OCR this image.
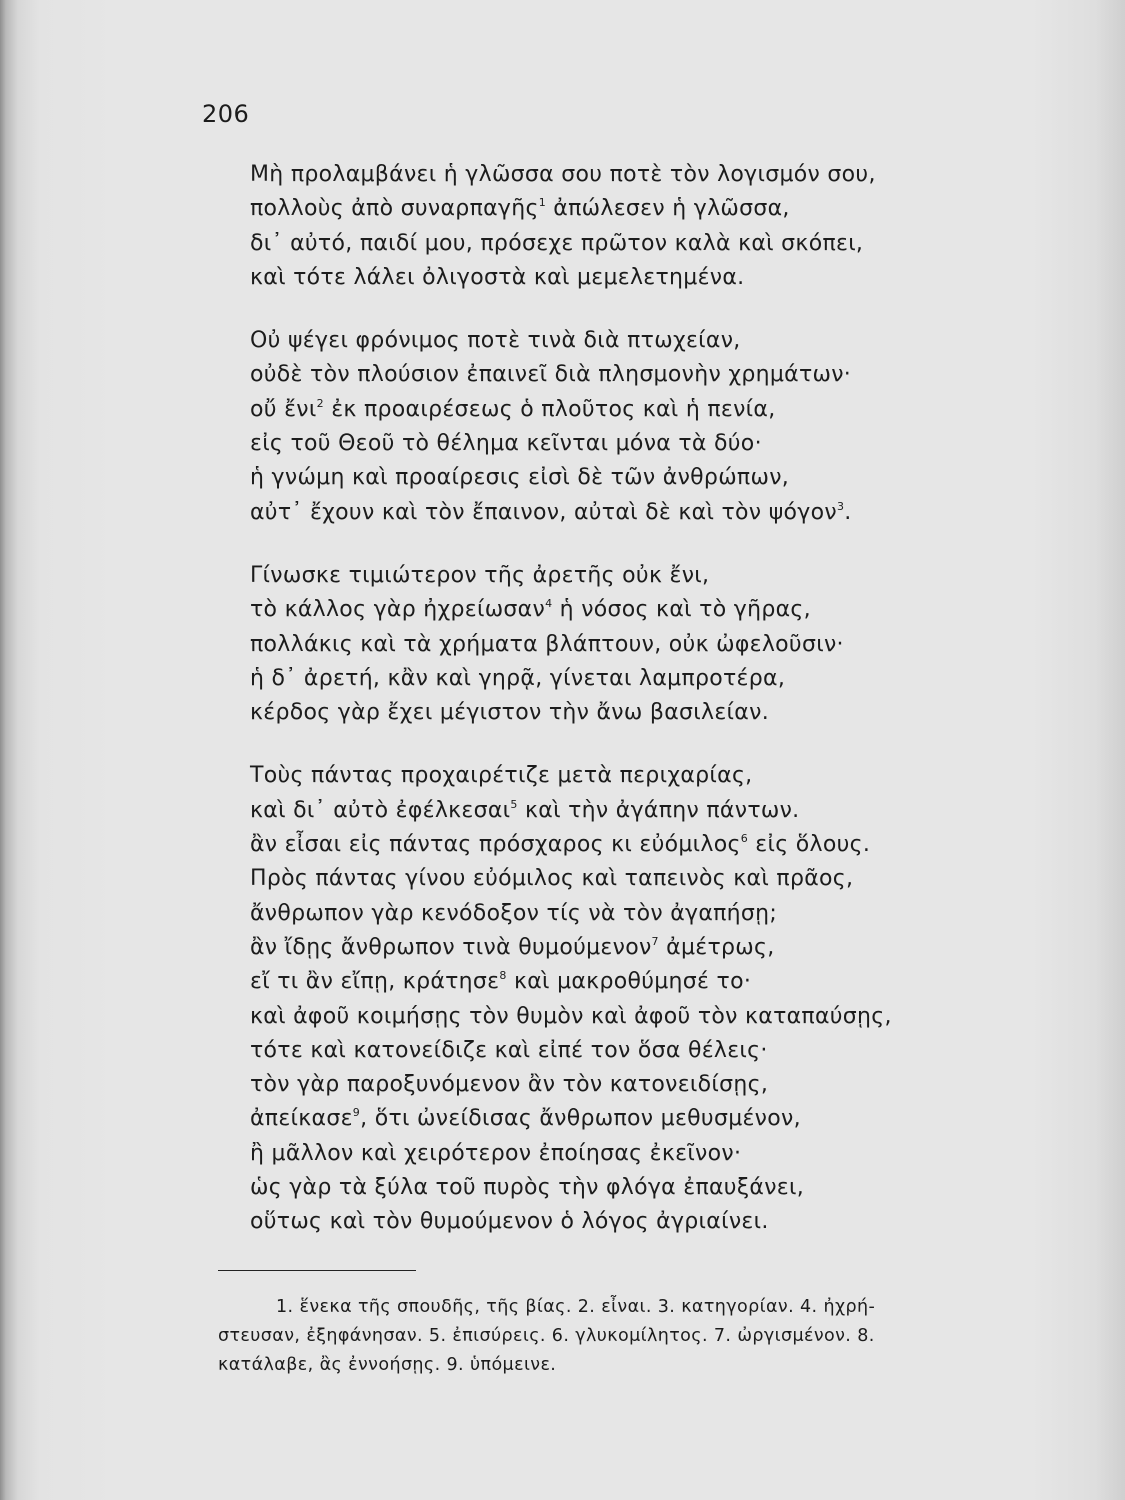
206
Μὴ προλαμβάνει ἡ γλῶσσα σου ποτὲ τὸν λογισμόν σου,
πολλοὺς ἀπὸ συναρπαγῆς$^1$ ἀπώλεσεν ἡ γλῶσσα,
δι᾽ αὐτό, παιδί μου, πρόσεχε πρῶτον καλὰ καὶ σκόπει,
καὶ τότε λάλει ὀλιγοστὰ καὶ μεμελετημένα.
Οὐ ψέγει φρόνιμος ποτὲ τινὰ διὰ πτωχείαν,
οὐδὲ τὸν πλούσιον ἐπαινεῖ διὰ πλησμονὴν χρημάτων·
οὔ ἔνι$^2$ ἐκ προαιρέσεως ὁ πλοῦτος καὶ ἡ πενία,
εἰς τοῦ Θεοῦ τὸ θέλημα κεῖνται μόνα τὰ δύο·
ἡ γνώμη καὶ προαίρεσις εἰσὶ δὲ τῶν ἀνθρώπων,
αὐτ᾽ ἔχουν καὶ τὸν ἔπαινον, αὐταὶ δὲ καὶ τὸν ψόγον$^3$.
Γίνωσκε τιμιώτερον τῆς ἀρετῆς οὐκ ἔνι,
τὸ κάλλος γὰρ ἠχρείωσαν$^4$ ἡ νόσος καὶ τὸ γῆρας,
πολλάκις καὶ τὰ χρήματα βλάπτουν, οὐκ ὠφελοῦσιν·
ἡ δ᾽ ἀρετή, κἂν καὶ γηρᾷ, γίνεται λαμπροτέρα,
κέρδος γὰρ ἔχει μέγιστον τὴν ἄνω βασιλείαν.
Τοὺς πάντας προχαιρέτιζε μετὰ περιχαρίας,
καὶ δι᾽ αὐτὸ ἐφέλκεσαι$^5$ καὶ τὴν ἀγάπην πάντων.
ἂν εἶσαι εἰς πάντας πρόσχαρος κι εὐόμιλος$^6$ εἰς ὅλους.
Πρὸς πάντας γίνου εὐόμιλος καὶ ταπεινὸς καὶ πρᾶος,
ἄνθρωπον γὰρ κενόδοξον τίς νὰ τὸν ἀγαπήσῃ;
ἂν ἴδῃς ἄνθρωπον τινὰ θυμούμενον$^7$ ἀμέτρως,
εἴ τι ἂν εἴπῃ, κράτησε$^8$ καὶ μακροθύμησέ το·
καὶ ἀφοῦ κοιμήσῃς τὸν θυμὸν καὶ ἀφοῦ τὸν καταπαύσῃς,
τότε καὶ κατονείδιζε καὶ εἰπέ τον ὅσα θέλεις·
τὸν γὰρ παροξυνόμενον ἂν τὸν κατονειδίσῃς,
ἀπείκασε$^9$, ὅτι ὠνείδισας ἄνθρωπον μεθυσμένον,
ἢ μᾶλλον καὶ χειρότερον ἐποίησας ἐκεῖνον·
ὡς γὰρ τὰ ξύλα τοῦ πυρὸς τὴν φλόγα ἐπαυξάνει,
οὕτως καὶ τὸν θυμούμενον ὁ λόγος ἀγριαίνει.
1. ἕνεκα τῆς σπουδῆς, τῆς βίας. 2. εἶναι. 3. κατηγορίαν. 4. ἠχρή-
στευσαν, ἐξηφάνησαν. 5. ἐπισύρεις. 6. γλυκομίλητος. 7. ὠργισμένον. 8.
κατάλαβε, ἂς ἐννοήσῃς. 9. ὑπόμεινε.
